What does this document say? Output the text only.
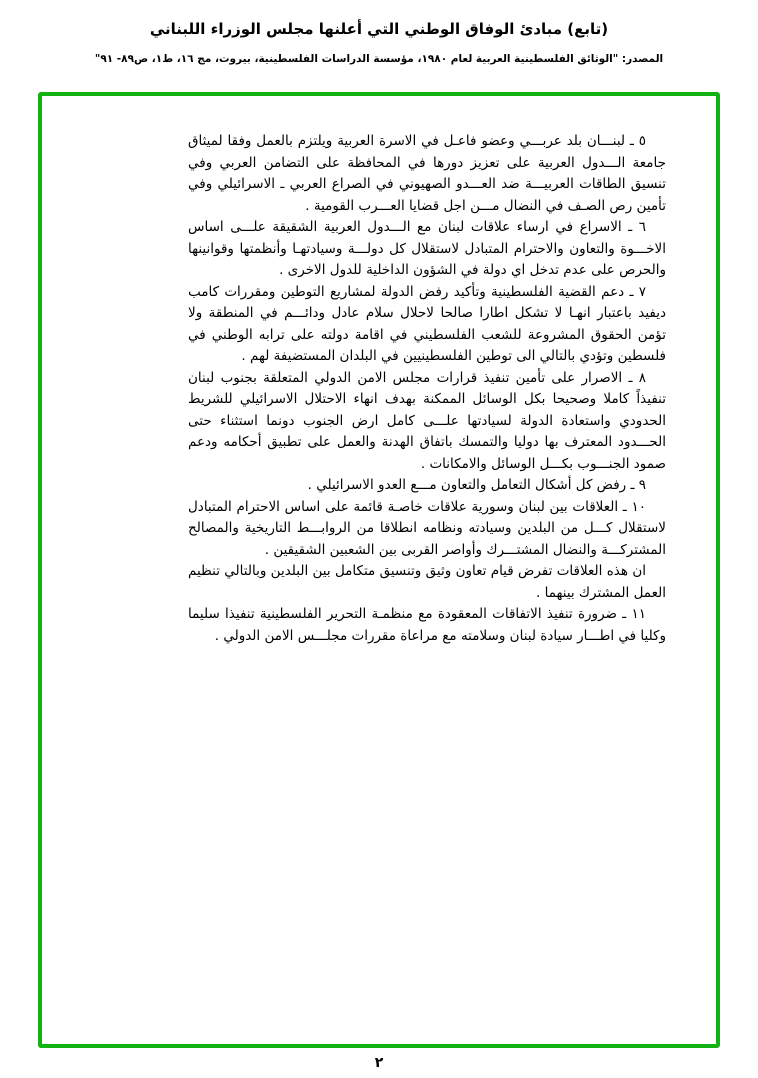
(تابع) مبادئ الوفاق الوطني التي أعلنها مجلس الوزراء اللبناني
المصدر: "الوثائق الفلسطينية العربية لعام ١٩٨٠، مؤسسة الدراسات الفلسطينية، بيروت، مج ١٦، ط١، ص٨٩- ٩١"

٥ ـ لبنـــان بلد عربـــي وعضو فاعـل في الاسرة العربية ويلتزم بالعمل وفقا لميثاق جامعة الـــدول العربية على تعزيز دورها في المحافظة على التضامن العربي وفي تنسيق الطاقات العربيـــة ضد العـــدو الصهيوني في الصراع العربي ـ الاسرائيلي وفي تأمين رص الصـف في النضال مـــن اجل قضايا العـــرب القومية .

٦ ـ الاسراع في ارساء علاقات لبنان مع الـــدول العربية الشقيقة علـــى اساس الاخـــوة والتعاون والاحترام المتبادل لاستقلال كل دولـــة وسيادتهـا وأنظمتها وقوانينها والحرص على عدم تدخل اي دولة في الشؤون الداخلية للدول الاخرى .

٧ ـ دعم القضية الفلسطينية وتأكيد رفض الدولة لمشاريع التوطين ومقررات كامب ديفيد باعتبار انهـا لا تشكل اطارا صالحا لاحلال سلام عادل ودائـــم في المنطقة ولا تؤمن الحقوق المشروعة للشعب الفلسطيني في اقامة دولته على ترابه الوطني في فلسطين وتؤدي بالتالي الى توطين الفلسطينيين في البلدان المستضيفة لهم .

٨ ـ الاصرار على تأمين تنفيذ قرارات مجلس الامن الدولي المتعلقة بجنوب لبنان تنفيذاً كاملا وصحيحا بكل الوسائل الممكنة بهدف انهاء الاحتلال الاسرائيلي للشريط الحدودي واستعادة الدولة لسيادتها علـــى كامل ارض الجنوب دونما استثناء حتى الحـــدود المعترف بها دوليا والتمسك باتفاق الهدنة والعمل على تطبيق أحكامه ودعم صمود الجنـــوب بكـــل الوسائل والامكانات .

٩ ـ رفض كل أشكال التعامل والتعاون مـــع العدو الاسرائيلي .

١٠ ـ العلاقات بين لبنان وسورية علاقات خاصـة قائمة على اساس الاحترام المتبادل لاستقلال كـــل من البلدين وسيادته ونظامه انطلاقا من الروابـــط التاريخية والمصالح المشتركـــة والنضال المشتـــرك وأواصر القربى بين الشعبين الشقيقين .

ان هذه العلاقات تفرض قيام تعاون وثيق وتنسيق متكامل بين البلدين وبالتالي تنظيم العمل المشترك بينهما .

١١ ـ ضرورة تنفيذ الاتفاقات المعقودة مع منظمـة التحرير الفلسطينية تنفيذا سليما وكليا في اطـــار سيادة لبنان وسلامته مع مراعاة مقررات مجلـــس الامن الدولي .

٢
